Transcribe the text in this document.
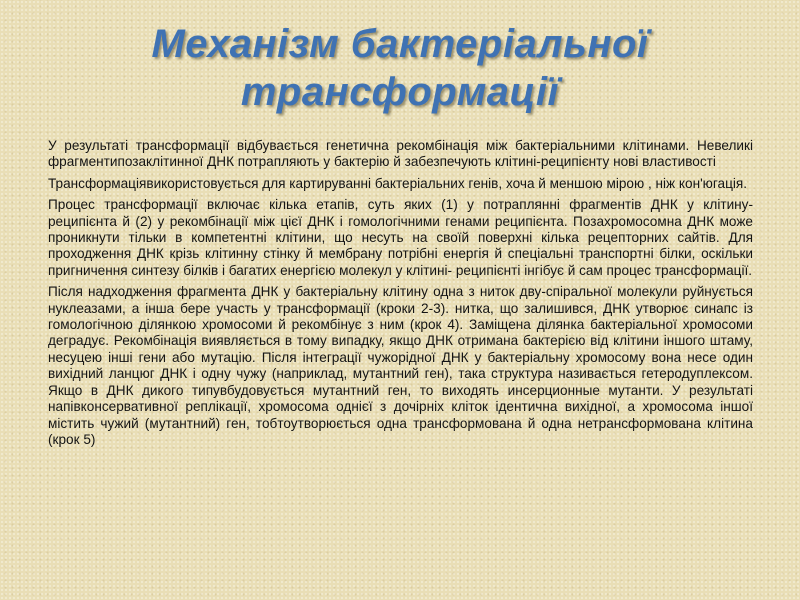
Механізм бактеріальної
трансформації

У результаті трансформації відбувається генетична рекомбінація між бактеріальними клітинами. Невеликі фрагментипозаклітинної ДНК потрапляють у бактерію й забезпечують клітині-реципієнту нові властивості

Трансформаціявикористовується для картируванні бактеріальних генів, хоча й меншою мірою , ніж кон'югація.

Процес трансформації включає кілька етапів, суть яких (1) у потраплянні фрагментів ДНК у клітину- реципієнта й (2) у рекомбінації між цієї ДНК і гомологічними генами реципієнта. Позахромосомна ДНК може проникнути тільки в компетентні клітини, що несуть на своїй поверхні кілька рецепторних сайтів. Для проходження ДНК крізь клітинну стінку й мембрану потрібні енергія й спеціальні транспортні білки, оскільки пригничення синтезу білків і багатих енергією молекул у клітині- реципієнті інгібує й сам процес трансформації.

Після надходження фрагмента ДНК у бактеріальну клітину одна з ниток дву-спіральної молекули руйнується нуклеазами, а інша бере участь у трансформації (кроки 2-3). нитка, що залишився, ДНК утворює синапс із гомологічною ділянкою хромосоми й рекомбінує з ним (крок 4). Заміщена ділянка бактеріальної хромосоми деградує. Рекомбінація виявляється в тому випадку, якщо ДНК отримана бактерією від клітини іншого штаму, несуцею інші гени або мутацію. Після інтеграції чужорідної ДНК у бактеріальну хромосому вона несе один вихідний ланцюг ДНК і одну чужу (наприклад, мутантний ген), така структура називається гетеродуплексом. Якщо в ДНК дикого типувбудовується мутантний ген, то виходять инсерционные мутанти. У результаті напівконсервативної реплікації, хромосома однієї з дочірніх кліток ідентична вихідної, а хромосома іншої містить чужий (мутантний) ген, тобтоутворюється одна трансформована й одна нетрансформована клітина (крок 5)
